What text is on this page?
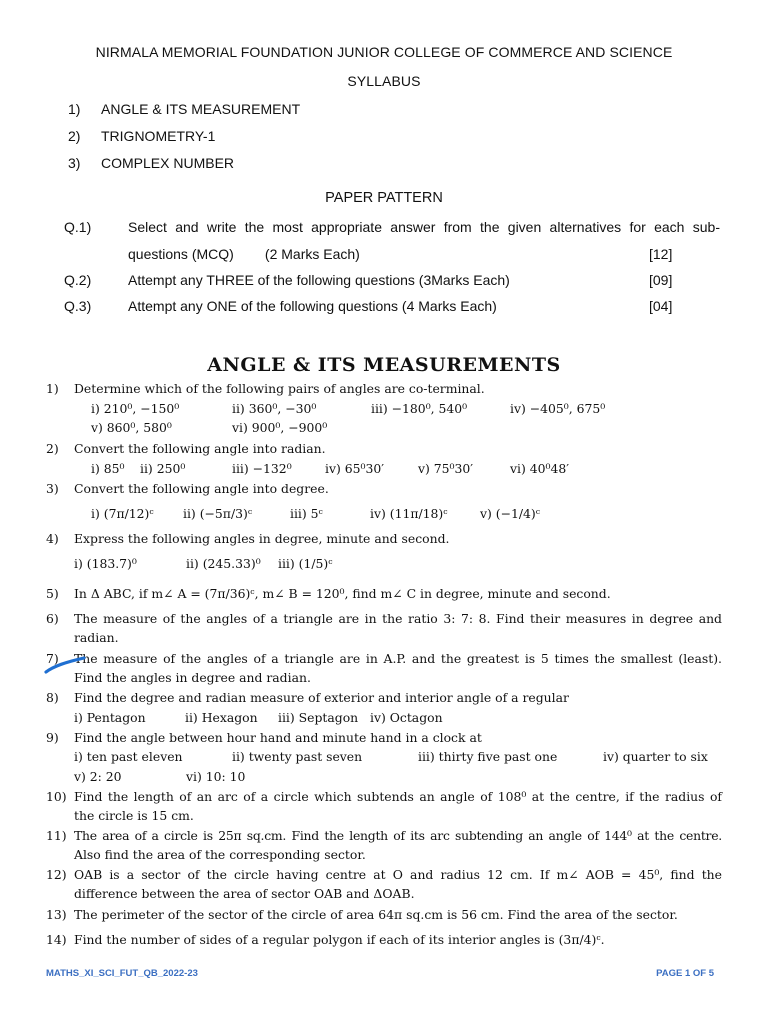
NIRMALA MEMORIAL FOUNDATION JUNIOR COLLEGE OF COMMERCE AND SCIENCE
SYLLABUS
1) ANGLE & ITS MEASUREMENT
2) TRIGNOMETRY-1
3) COMPLEX NUMBER
PAPER PATTERN
Q.1)	Select and write the most appropriate answer from the given alternatives for each sub-
questions (MCQ)        (2 Marks Each)	[12]
Q.2)	Attempt any THREE of the following questions (3Marks Each)	[09]
Q.3)	Attempt any ONE of the following questions (4 Marks Each)	[04]
ANGLE & ITS MEASUREMENTS
1) Determine which of the following pairs of angles are co-terminal.
i) 210⁰, −150⁰	ii) 360⁰, −30⁰	iii) −180⁰, 540⁰	iv) −405⁰, 675⁰
v) 860⁰, 580⁰	vi) 900⁰, −900⁰
2) Convert the following angle into radian.
i) 85⁰ ii) 250⁰	iii) −132⁰	iv) 65⁰30′	v) 75⁰30′	vi) 40⁰48′
3) Convert the following angle into degree.
i) (7π/12)ᶜ ii) (−5π/3)ᶜ	iii) 5ᶜ	iv) (11π/18)ᶜ	v) (−1/4)ᶜ
4) Express the following angles in degree, minute and second.
i) (183.7)⁰	ii) (245.33)⁰ iii) (1/5)ᶜ
5) In Δ ABC, if m∠ A = (7π/36)ᶜ, m∠ B = 120⁰, find m∠ C in degree, minute and second.
6) The measure of the angles of a triangle are in the ratio 3: 7: 8. Find their measures in degree and
radian.
7) The measure of the angles of a triangle are in A.P. and the greatest is 5 times the smallest (least).
Find the angles in degree and radian.
8) Find the degree and radian measure of exterior and interior angle of a regular
i) Pentagon	ii) Hexagon iii) Septagon iv) Octagon
9) Find the angle between hour hand and minute hand in a clock at
i) ten past eleven	ii) twenty past seven	iii) thirty five past one	iv) quarter to six
v) 2: 20	vi) 10: 10
10) Find the length of an arc of a circle which subtends an angle of 108⁰ at the centre, if the radius of
the circle is 15 cm.
11) The area of a circle is 25π sq.cm. Find the length of its arc subtending an angle of 144⁰ at the centre.
Also find the area of the corresponding sector.
12) OAB is a sector of the circle having centre at O and radius 12 cm. If m∠ AOB = 45⁰, find the
difference between the area of sector OAB and ΔOAB.
13) The perimeter of the sector of the circle of area 64π sq.cm is 56 cm. Find the area of the sector.
14) Find the number of sides of a regular polygon if each of its interior angles is (3π/4)ᶜ.
MATHS_XI_SCI_FUT_QB_2022-23	PAGE 1 OF 5
